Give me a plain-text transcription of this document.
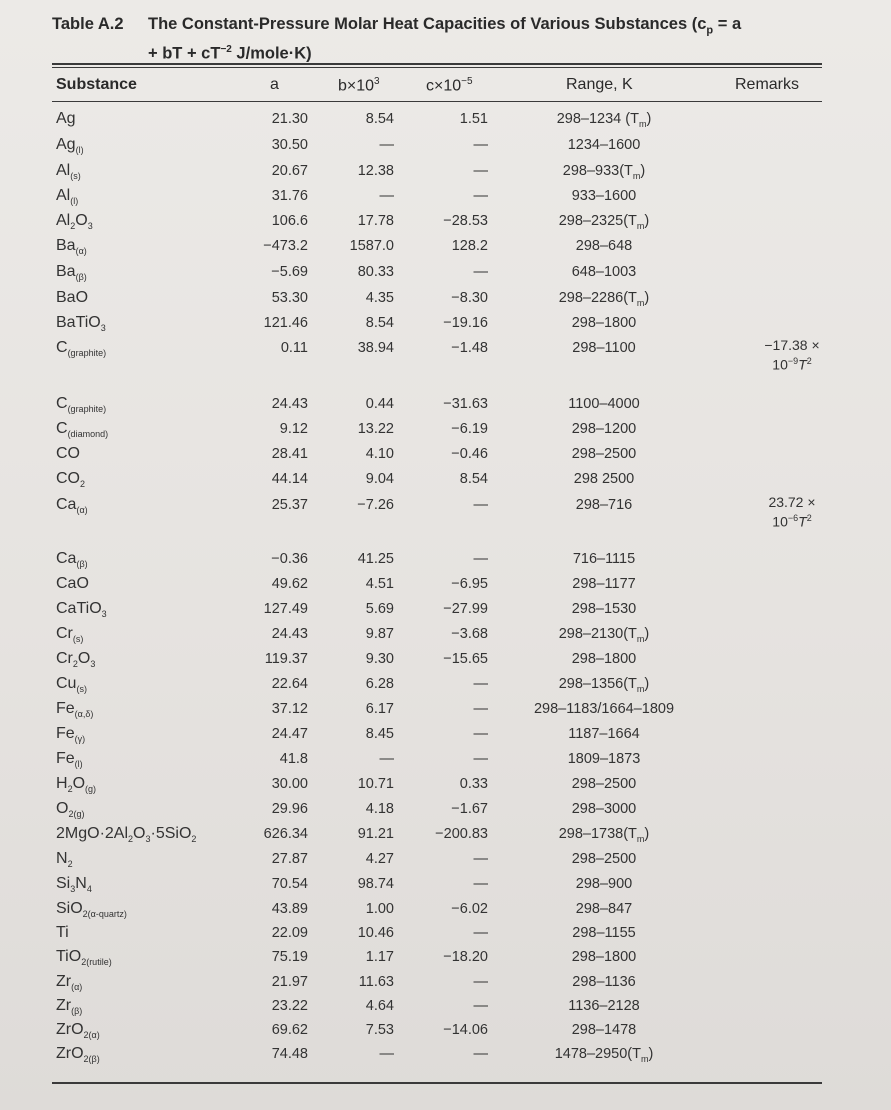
Table A.2 The Constant-Pressure Molar Heat Capacities of Various Substances ($c_p = a$
+ bT + $cT^{-2}$ J/mole·K)
Substance	a	$b\times 10^3$	$c\times 10^{-5}$	Range, K	Remarks
Ag	21.30	8.54	1.51	298–1234 $(T_m)$
$Ag_{(l)}$	30.50	—	—	1234–1600
$Al_{(s)}$	20.67	12.38	—	$298-933(T_m)$
$Al_{(l)}$	31.76	—	—	933–1600
$Al_2O_3$	106.6	17.78	−28.53	$298-2325(T_m)$
$Ba_{(\alpha)}$	−473.2	1587.0	128.2	298–648
$Ba_{(\beta)}$	−5.69	80.33	—	648–1003
BaO	53.30	4.35	−8.30	$298-2286(T_m)$
BaTiO$_3$	121.46	8.54	−19.16	298–1800
$C_{(graphite)}$	0.11	38.94	−1.48	298–1100	−17.38 ×
$10^{-9}T^2$
$C_{(graphite)}$	24.43	0.44	−31.63	1100–4000
$C_{(diamond)}$	9.12	13.22	−6.19	298–1200
CO	28.41	4.10	−0.46	298–2500
$CO_2$	44.14	9.04	8.54	298 2500
$Ca_{(\alpha)}$	25.37	−7.26	—	298–716	23.72 ×
$10^{-6}T^2$
$Ca_{(\beta)}$	−0.36	41.25	—	716–1115
CaO	49.62	4.51	−6.95	298–1177
CaTiO$_3$	127.49	5.69	−27.99	298–1530
$Cr_{(s)}$	24.43	9.87	−3.68	$298-2130(T_m)$
$Cr_2O_3$	119.37	9.30	−15.65	298–1800
$Cu_{(s)}$	22.64	6.28	—	$298-1356(T_m)$
$Fe_{(\alpha,\delta)}$	37.12	6.17	—	298–1183/1664–1809
$Fe_{(\gamma)}$	24.47	8.45	—	1187–1664
$Fe_{(l)}$	41.8	—	—	1809–1873
$H_2O_{(g)}$	30.00	10.71	0.33	298–2500
$O_{2(g)}$	29.96	4.18	−1.67	298–3000
$2MgO\cdot 2Al_2O_3\cdot 5SiO_2$	626.34	91.21	−200.83	$298-1738(T_m)$
$N_2$	27.87	4.27	—	298–2500
$Si_3N_4$	70.54	98.74	—	298–900
SiO$_{2(\alpha-quartz)}$	43.89	1.00	−6.02	298–847
Ti	22.09	10.46	—	298–1155
TiO$_{2(rutile)}$	75.19	1.17	−18.20	298–1800
$Zr_{(\alpha)}$	21.97	11.63	—	298–1136
$Zr_{(\beta)}$	23.22	4.64	—	1136–2128
ZrO$_{2(\alpha)}$	69.62	7.53	−14.06	298–1478
ZrO$_{2(\beta)}$	74.48	—	—	$1478-2950(T_m)$
